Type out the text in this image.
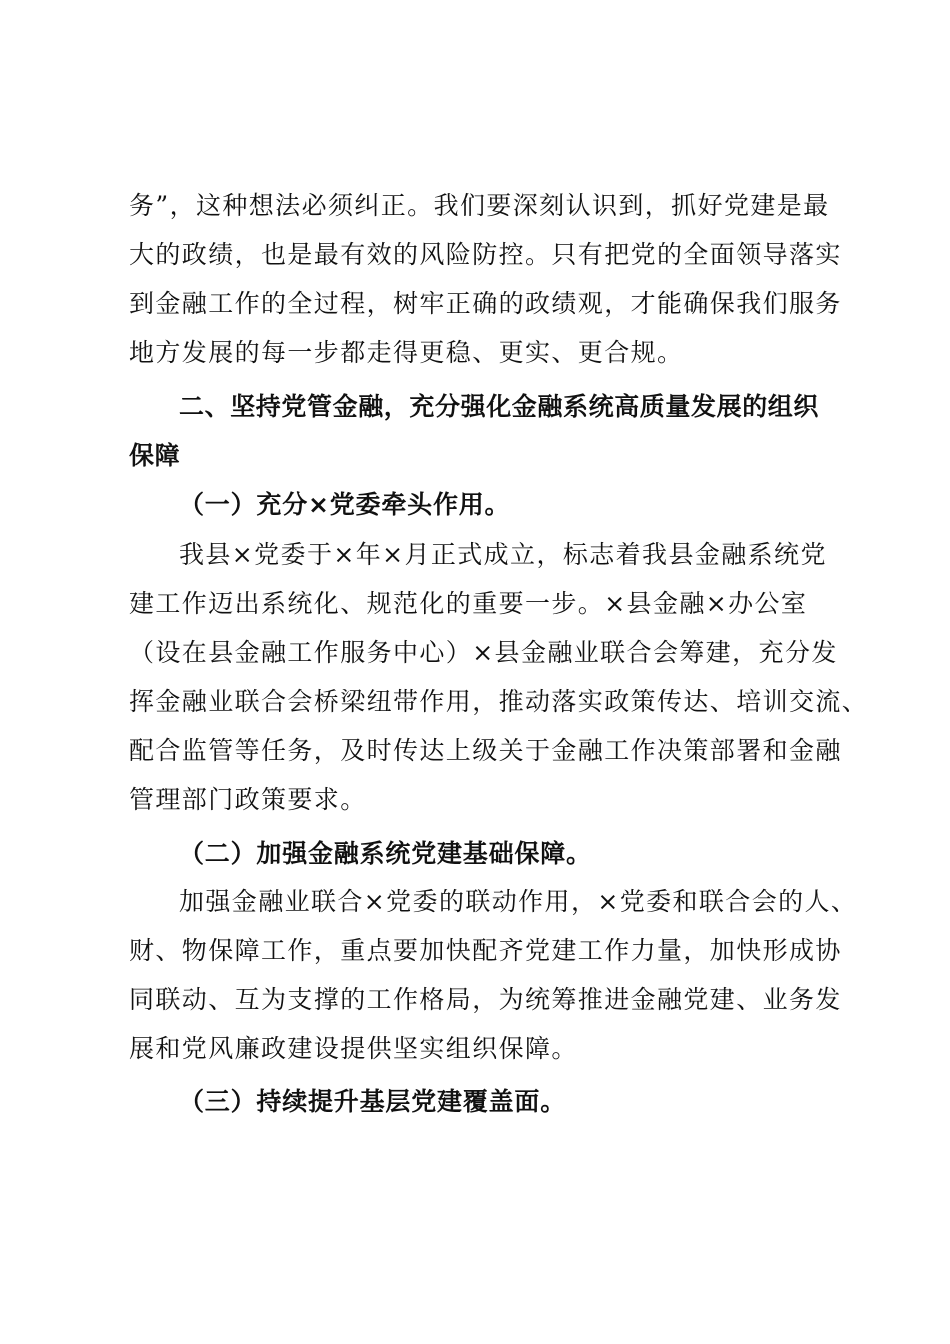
务”，这种想法必须纠正。我们要深刻认识到，抓好党建是最
大的政绩，也是最有效的风险防控。只有把党的全面领导落实
到金融工作的全过程，树牢正确的政绩观，才能确保我们服务
地方发展的每一步都走得更稳、更实、更合规。
二、坚持党管金融，充分强化金融系统高质量发展的组织
保障
（一）充分×党委牵头作用。
我县×党委于×年×月正式成立，标志着我县金融系统党
建工作迈出系统化、规范化的重要一步。×县金融×办公室
（设在县金融工作服务中心）×县金融业联合会筹建，充分发
挥金融业联合会桥梁纽带作用，推动落实政策传达、培训交流、
配合监管等任务，及时传达上级关于金融工作决策部署和金融
管理部门政策要求。
（二）加强金融系统党建基础保障。
加强金融业联合×党委的联动作用，×党委和联合会的人、
财、物保障工作，重点要加快配齐党建工作力量，加快形成协
同联动、互为支撑的工作格局，为统筹推进金融党建、业务发
展和党风廉政建设提供坚实组织保障。
（三）持续提升基层党建覆盖面。
